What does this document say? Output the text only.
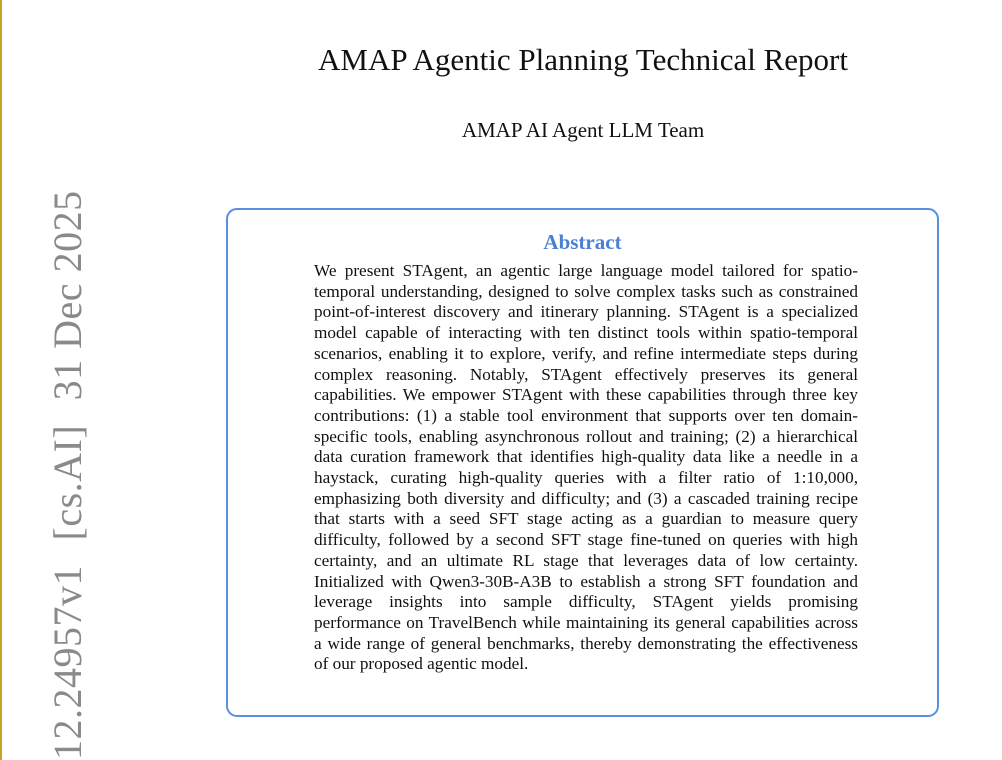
12.24957v1 [cs.AI] 31 Dec 2025
AMAP Agentic Planning Technical Report
AMAP AI Agent LLM Team
Abstract

We present STAgent, an agentic large language model tailored for spatio-temporal understanding, designed to solve complex tasks such as constrained point-of-interest discovery and itinerary planning. STAgent is a specialized model capable of interacting with ten distinct tools within spatio-temporal scenarios, enabling it to explore, verify, and refine intermediate steps during complex reasoning. Notably, STAgent effectively preserves its general capabilities. We empower STAgent with these capabilities through three key contributions: (1) a stable tool environment that supports over ten domain-specific tools, enabling asynchronous rollout and training; (2) a hierarchical data curation framework that identifies high-quality data like a needle in a haystack, curating high-quality queries with a filter ratio of 1:10,000, emphasizing both diversity and difficulty; and (3) a cascaded training recipe that starts with a seed SFT stage acting as a guardian to measure query difficulty, followed by a second SFT stage fine-tuned on queries with high certainty, and an ultimate RL stage that leverages data of low certainty. Initialized with Qwen3-30B-A3B to establish a strong SFT foundation and leverage insights into sample difficulty, STAgent yields promising performance on TravelBench while maintaining its general capabilities across a wide range of general benchmarks, thereby demonstrating the effectiveness of our proposed agentic model.
